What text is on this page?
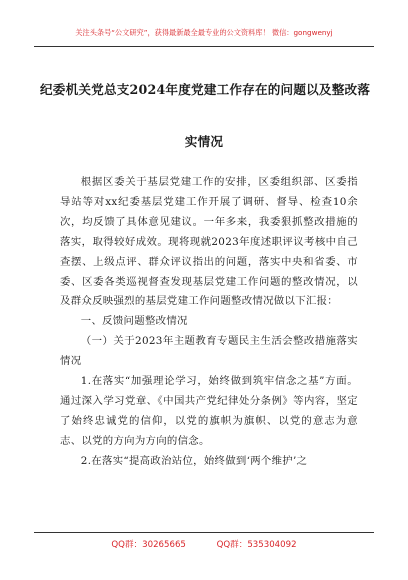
关注头条号“公文研究”，获得最新最全最专业的公文资料库！ 微信：gongwenyj
纪委机关党总支2024年度党建工作存在的问题以及整改落
实情况

根据区委关于基层党建工作的安排，区委组织部、区委指导站等对xx纪委基层党建工作开展了调研、督导、检查10余次，均反馈了具体意见建议。一年多来，我委狠抓整改措施的落实，取得较好成效。现将现就2023年度述职评议考核中自己查摆、上级点评、群众评议指出的问题，落实中央和省委、市委、区委各类巡视督查发现基层党建工作问题的整改情况，以及群众反映强烈的基层党建工作问题整改情况做以下汇报：

一、反馈问题整改情况

（一）关于2023年主题教育专题民主生活会整改措施落实情况

1.在落实“加强理论学习，始终做到筑牢信念之基”方面。通过深入学习党章、《中国共产党纪律处分条例》等内容，坚定了始终忠诚党的信仰，以党的旗帜为旗帜、以党的意志为意志、以党的方向为方向的信念。

2.在落实“提高政治站位，始终做到‘两个维护’之

QQ群：30265665	QQ群：535304092
